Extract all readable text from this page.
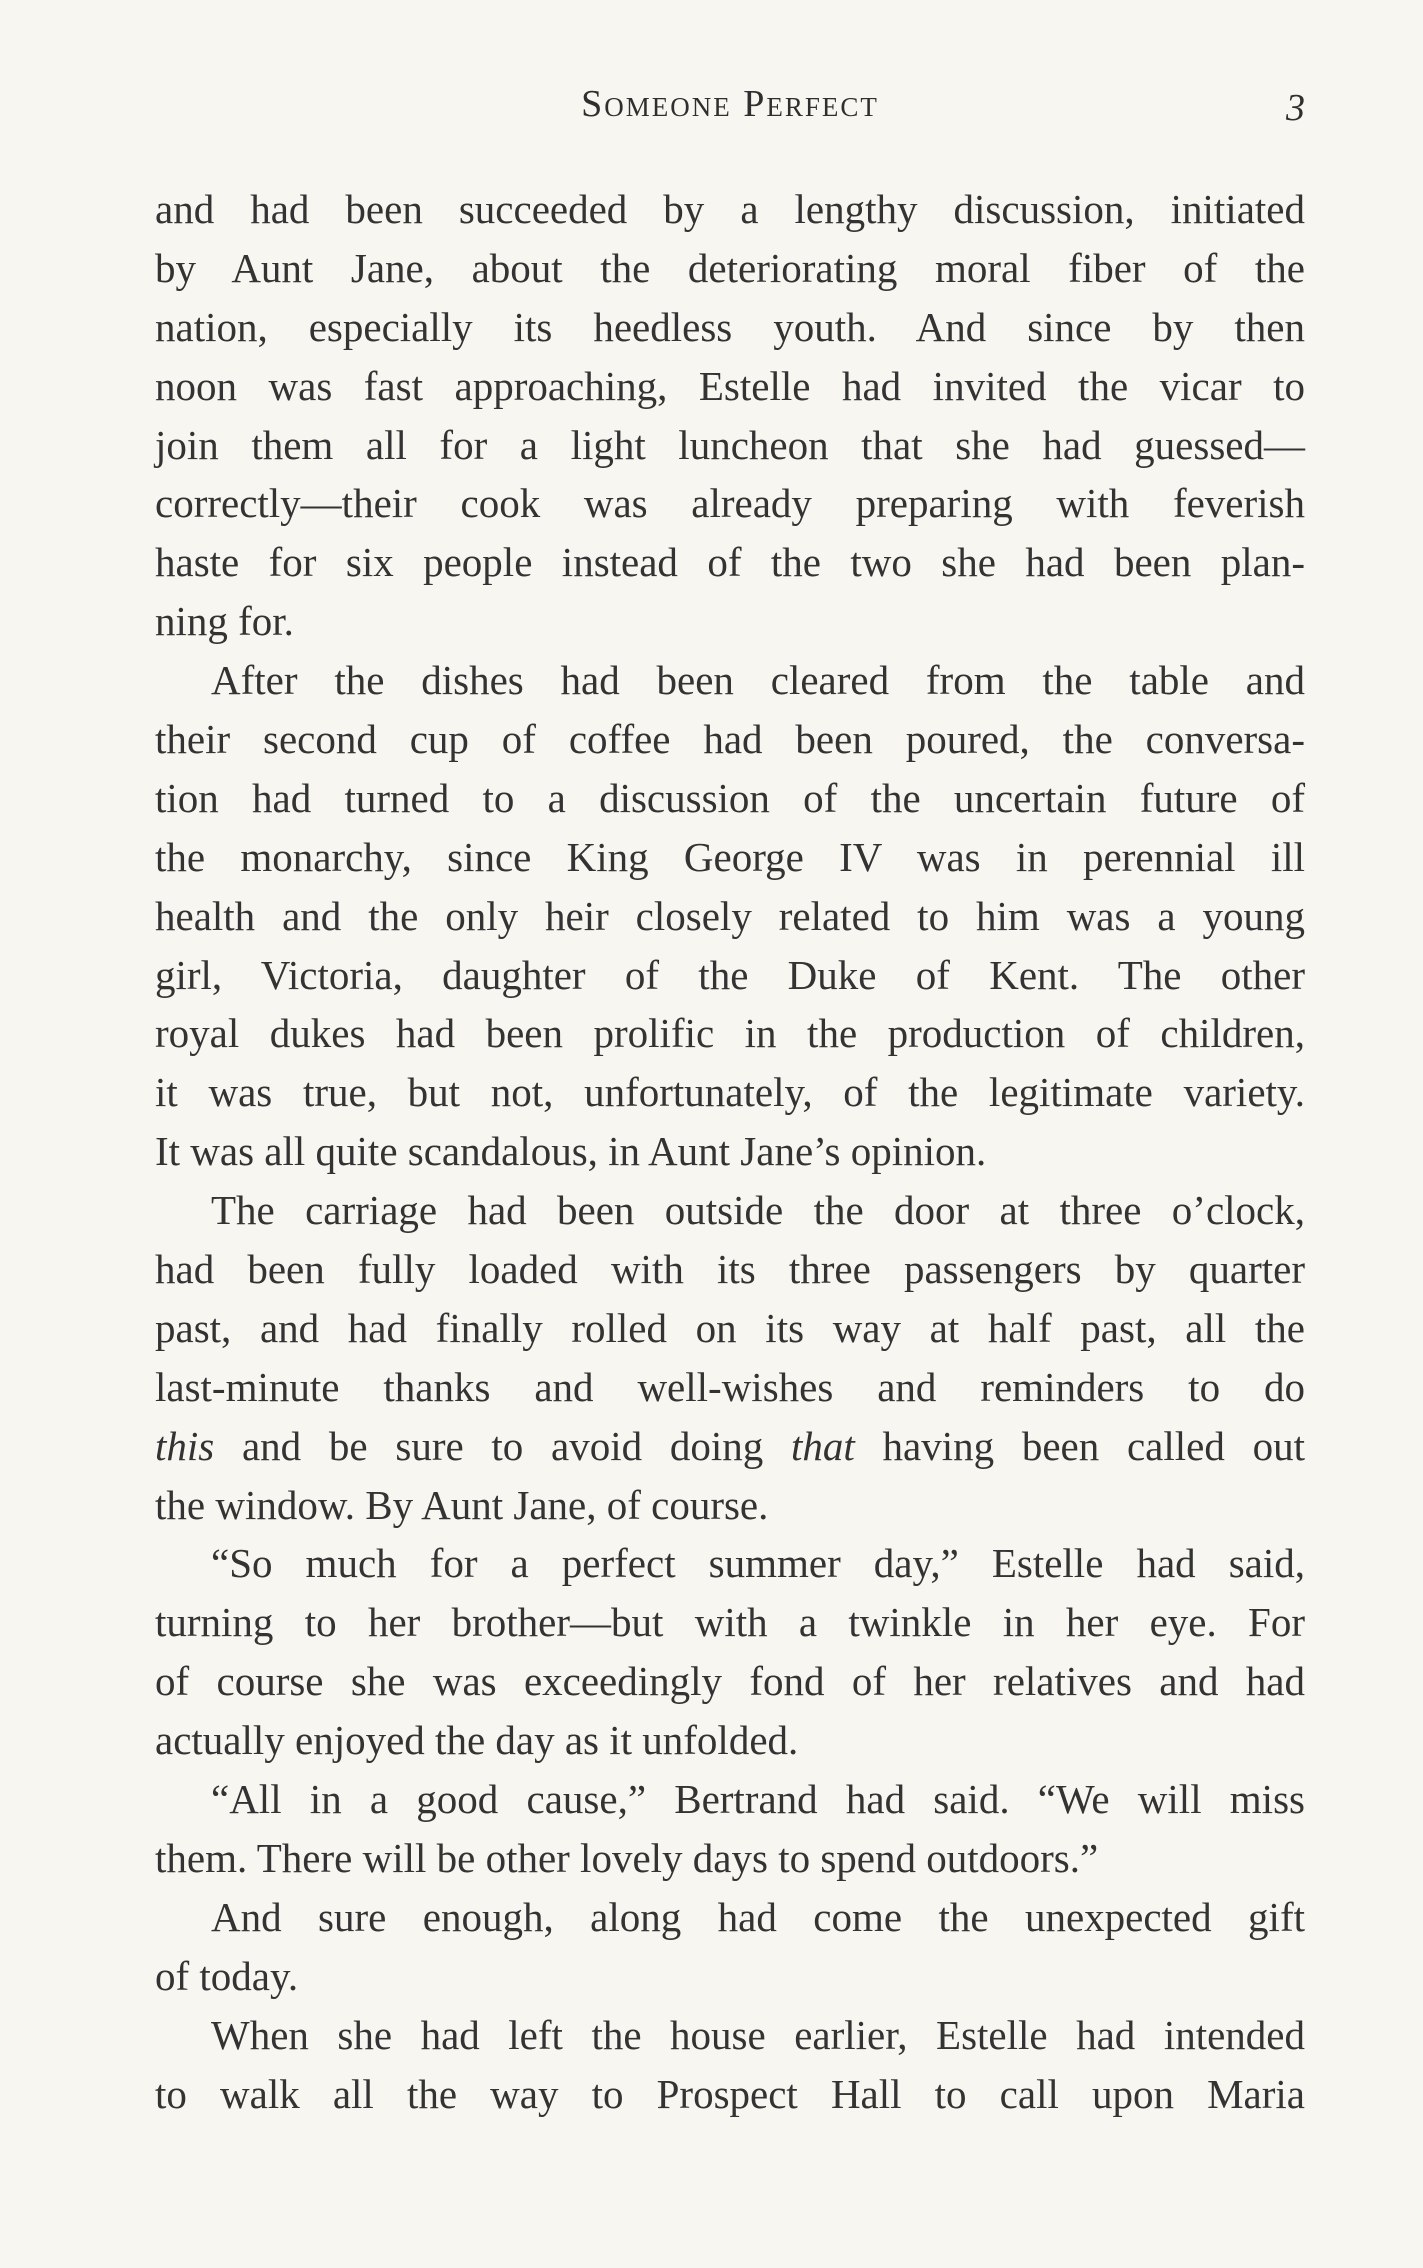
Someone Perfect	3
and had been succeeded by a lengthy discussion, initiated
by Aunt Jane, about the deteriorating moral fiber of the
nation, especially its heedless youth. And since by then
noon was fast approaching, Estelle had invited the vicar to
join them all for a light luncheon that she had guessed—
correctly—their cook was already preparing with feverish
haste for six people instead of the two she had been plan-
ning for.
After the dishes had been cleared from the table and
their second cup of coffee had been poured, the conversa-
tion had turned to a discussion of the uncertain future of
the monarchy, since King George IV was in perennial ill
health and the only heir closely related to him was a young
girl, Victoria, daughter of the Duke of Kent. The other
royal dukes had been prolific in the production of children,
it was true, but not, unfortunately, of the legitimate variety.
It was all quite scandalous, in Aunt Jane’s opinion.
The carriage had been outside the door at three o’clock,
had been fully loaded with its three passengers by quarter
past, and had finally rolled on its way at half past, all the
last-minute thanks and well-wishes and reminders to do
this and be sure to avoid doing that having been called out
the window. By Aunt Jane, of course.
“So much for a perfect summer day,” Estelle had said,
turning to her brother—but with a twinkle in her eye. For
of course she was exceedingly fond of her relatives and had
actually enjoyed the day as it unfolded.
“All in a good cause,” Bertrand had said. “We will miss
them. There will be other lovely days to spend outdoors.”
And sure enough, along had come the unexpected gift
of today.
When she had left the house earlier, Estelle had intended
to walk all the way to Prospect Hall to call upon Maria
